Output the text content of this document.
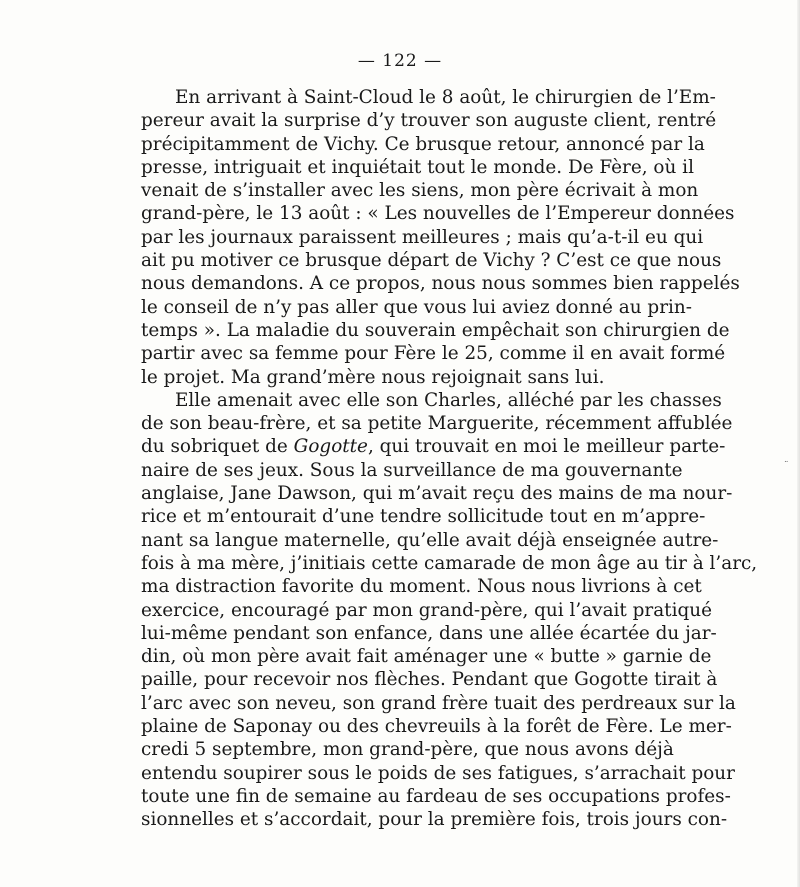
— 122 —
En arrivant à Saint-Cloud le 8 août, le chirurgien de l’Em-
pereur avait la surprise d’y trouver son auguste client, rentré
précipitamment de Vichy. Ce brusque retour, annoncé par la
presse, intriguait et inquiétait tout le monde. De Fère, où il
venait de s’installer avec les siens, mon père écrivait à mon
grand-père, le 13 août : « Les nouvelles de l’Empereur données
par les journaux paraissent meilleures ; mais qu’a-t-il eu qui
ait pu motiver ce brusque départ de Vichy ? C’est ce que nous
nous demandons. A ce propos, nous nous sommes bien rappelés
le conseil de n’y pas aller que vous lui aviez donné au prin-
temps ». La maladie du souverain empêchait son chirurgien de
partir avec sa femme pour Fère le 25, comme il en avait formé
le projet. Ma grand’mère nous rejoignait sans lui.
Elle amenait avec elle son Charles, alléché par les chasses
de son beau-frère, et sa petite Marguerite, récemment affublée
du sobriquet de Gogotte, qui trouvait en moi le meilleur parte-
naire de ses jeux. Sous la surveillance de ma gouvernante
anglaise, Jane Dawson, qui m’avait reçu des mains de ma nour-
rice et m’entourait d’une tendre sollicitude tout en m’appre-
nant sa langue maternelle, qu’elle avait déjà enseignée autre-
fois à ma mère, j’initiais cette camarade de mon âge au tir à l’arc,
ma distraction favorite du moment. Nous nous livrions à cet
exercice, encouragé par mon grand-père, qui l’avait pratiqué
lui-même pendant son enfance, dans une allée écartée du jar-
din, où mon père avait fait aménager une « butte » garnie de
paille, pour recevoir nos flèches. Pendant que Gogotte tirait à
l’arc avec son neveu, son grand frère tuait des perdreaux sur la
plaine de Saponay ou des chevreuils à la forêt de Fère. Le mer-
credi 5 septembre, mon grand-père, que nous avons déjà
entendu soupirer sous le poids de ses fatigues, s’arrachait pour
toute une fin de semaine au fardeau de ses occupations profes-
sionnelles et s’accordait, pour la première fois, trois jours con-
¨
